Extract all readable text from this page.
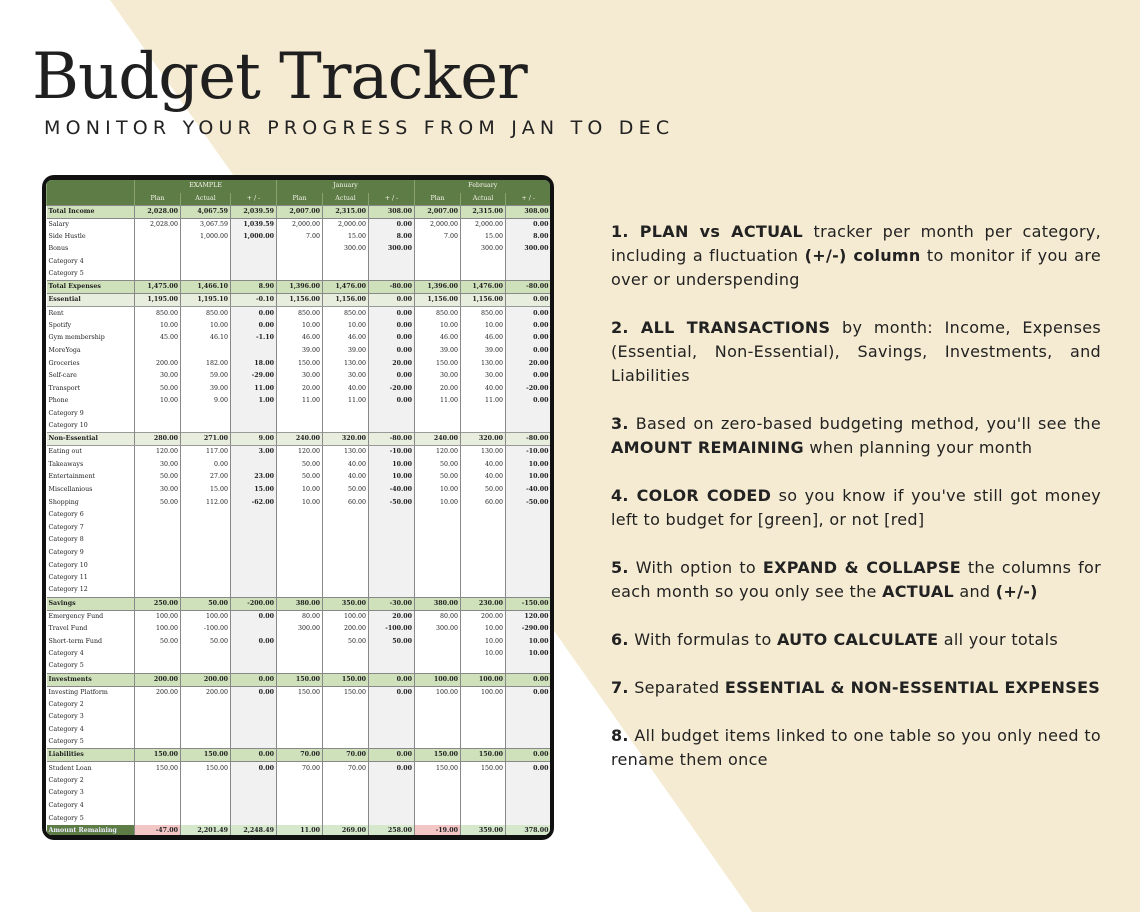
Budget Tracker
MONITOR YOUR PROGRESS FROM JAN TO DEC
	EXAMPLE			January			February		
	Plan	Actual	+ / -	Plan	Actual	+ / -	Plan	Actual	+ / -
Total Income	2,028.00	4,067.59	2,039.59	2,007.00	2,315.00	308.00	2,007.00	2,315.00	308.00
Salary	2,028.00	3,067.59	1,039.59	2,000.00	2,000.00	0.00	2,000.00	2,000.00	0.00
Side Hustle		1,000.00	1,000.00	7.00	15.00	8.00	7.00	15.00	8.00
Bonus					300.00	300.00		300.00	300.00
Category 4									
Category 5									
Total Expenses	1,475.00	1,466.10	8.90	1,396.00	1,476.00	-80.00	1,396.00	1,476.00	-80.00
Essential	1,195.00	1,195.10	-0.10	1,156.00	1,156.00	0.00	1,156.00	1,156.00	0.00
Rent	850.00	850.00	0.00	850.00	850.00	0.00	850.00	850.00	0.00
Spotify	10.00	10.00	0.00	10.00	10.00	0.00	10.00	10.00	0.00
Gym membership	45.00	46.10	-1.10	46.00	46.00	0.00	46.00	46.00	0.00
MoreYoga				39.00	39.00	0.00	39.00	39.00	0.00
Groceries	200.00	182.00	18.00	150.00	130.00	20.00	150.00	130.00	20.00
Self-care	30.00	59.00	-29.00	30.00	30.00	0.00	30.00	30.00	0.00
Transport	50.00	39.00	11.00	20.00	40.00	-20.00	20.00	40.00	-20.00
Phone	10.00	9.00	1.00	11.00	11.00	0.00	11.00	11.00	0.00
Category 9									
Category 10									
Non-Essential	280.00	271.00	9.00	240.00	320.00	-80.00	240.00	320.00	-80.00
Eating out	120.00	117.00	3.00	120.00	130.00	-10.00	120.00	130.00	-10.00
Takeaways	30.00	0.00		50.00	40.00	10.00	50.00	40.00	10.00
Entertainment	50.00	27.00	23.00	50.00	40.00	10.00	50.00	40.00	10.00
Miscellanious	30.00	15.00	15.00	10.00	50.00	-40.00	10.00	50.00	-40.00
Shopping	50.00	112.00	-62.00	10.00	60.00	-50.00	10.00	60.00	-50.00
Category 6									
Category 7									
Category 8									
Category 9									
Category 10									
Category 11									
Category 12									
Savings	250.00	50.00	-200.00	380.00	350.00	-30.00	380.00	230.00	-150.00
Emergency Fund	100.00	100.00	0.00	80.00	100.00	20.00	80.00	200.00	120.00
Travel Fund	100.00	-100.00		300.00	200.00	-100.00	300.00	10.00	-290.00
Short-term Fund	50.00	50.00	0.00		50.00	50.00		10.00	10.00
Category 4								10.00	10.00
Category 5									
Investments	200.00	200.00	0.00	150.00	150.00	0.00	100.00	100.00	0.00
Investing Platform	200.00	200.00	0.00	150.00	150.00	0.00	100.00	100.00	0.00
Category 2									
Category 3									
Category 4									
Category 5									
Liabilities	150.00	150.00	0.00	70.00	70.00	0.00	150.00	150.00	0.00
Student Loan	150.00	150.00	0.00	70.00	70.00	0.00	150.00	150.00	0.00
Category 2									
Category 3									
Category 4									
Category 5									
Amount Remaining	-47.00	2,201.49	2,248.49	11.00	269.00	258.00	-19.00	359.00	378.00
1. PLAN vs ACTUAL tracker per month per category, including a fluctuation (+/-) column to monitor if you are over or underspending
2. ALL TRANSACTIONS by month: Income, Expenses (Essential, Non-Essential), Savings, Investments, and Liabilities
3. Based on zero-based budgeting method, you'll see the AMOUNT REMAINING when planning your month
4. COLOR CODED so you know if you've still got money left to budget for [green], or not [red]
5. With option to EXPAND & COLLAPSE the columns for each month so you only see the ACTUAL and (+/-)
6. With formulas to AUTO CALCULATE all your totals
7. Separated ESSENTIAL & NON-ESSENTIAL EXPENSES
8. All budget items linked to one table so you only need to rename them once
